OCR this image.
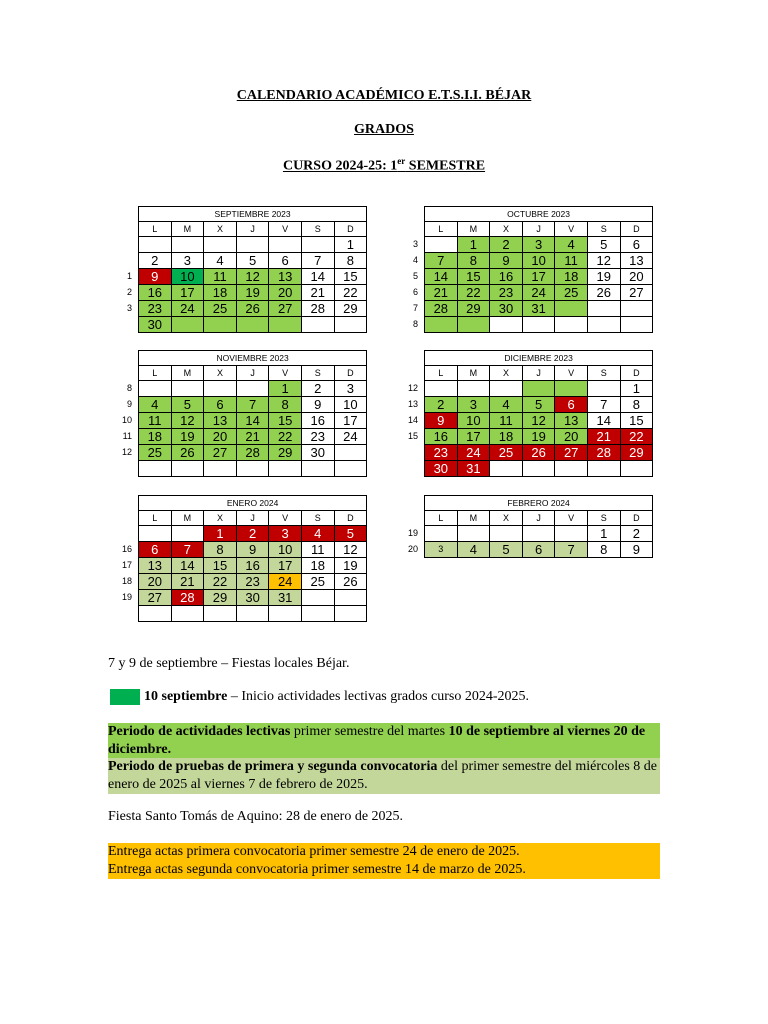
CALENDARIO ACADÉMICO E.T.S.I.I. BÉJAR
GRADOS
CURSO 2024-25: 1er SEMESTRE
1
2
3
SEPTIEMBRE 2023						
L	M	X	J	V	S	D
						1
2	3	4	5	6	7	8
9	10	11	12	13	14	15
16	17	18	19	20	21	22
23	24	25	26	27	28	29
30						
3
4
5
6
7
8
OCTUBRE 2023						
L	M	X	J	V	S	D
	1	2	3	4	5	6
7	8	9	10	11	12	13
14	15	16	17	18	19	20
21	22	23	24	25	26	27
28	29	30	31			

8
9
10
11
12
NOVIEMBRE 2023						
L	M	X	J	V	S	D
				1	2	3
4	5	6	7	8	9	10
11	12	13	14	15	16	17
18	19	20	21	22	23	24
25	26	27	28	29	30	

12
13
14
15
DICIEMBRE 2023						
L	M	X	J	V	S	D
						1
2	3	4	5	6	7	8
9	10	11	12	13	14	15
16	17	18	19	20	21	22
23	24	25	26	27	28	29
30	31					
16
17
18
19
ENERO 2024						
L	M	X	J	V	S	D
		1	2	3	4	5
6	7	8	9	10	11	12
13	14	15	16	17	18	19
20	21	22	23	24	25	26
27	28	29	30	31		

19
20
FEBRERO 2024						
L	M	X	J	V	S	D
					1	2
3	4	5	6	7	8	9
7 y 9 de septiembre – Fiestas locales Béjar.
10 septiembre – Inicio actividades lectivas grados curso 2024-2025.
Periodo de actividades lectivas primer semestre del martes 10 de septiembre al viernes 20 de diciembre.
Periodo de pruebas de primera y segunda convocatoria del primer semestre del miércoles 8 de enero de 2025 al viernes 7 de febrero de 2025.
Fiesta Santo Tomás de Aquino: 28 de enero de 2025.
Entrega actas primera convocatoria primer semestre 24 de enero de 2025.
Entrega actas segunda convocatoria primer semestre 14 de marzo de 2025.
